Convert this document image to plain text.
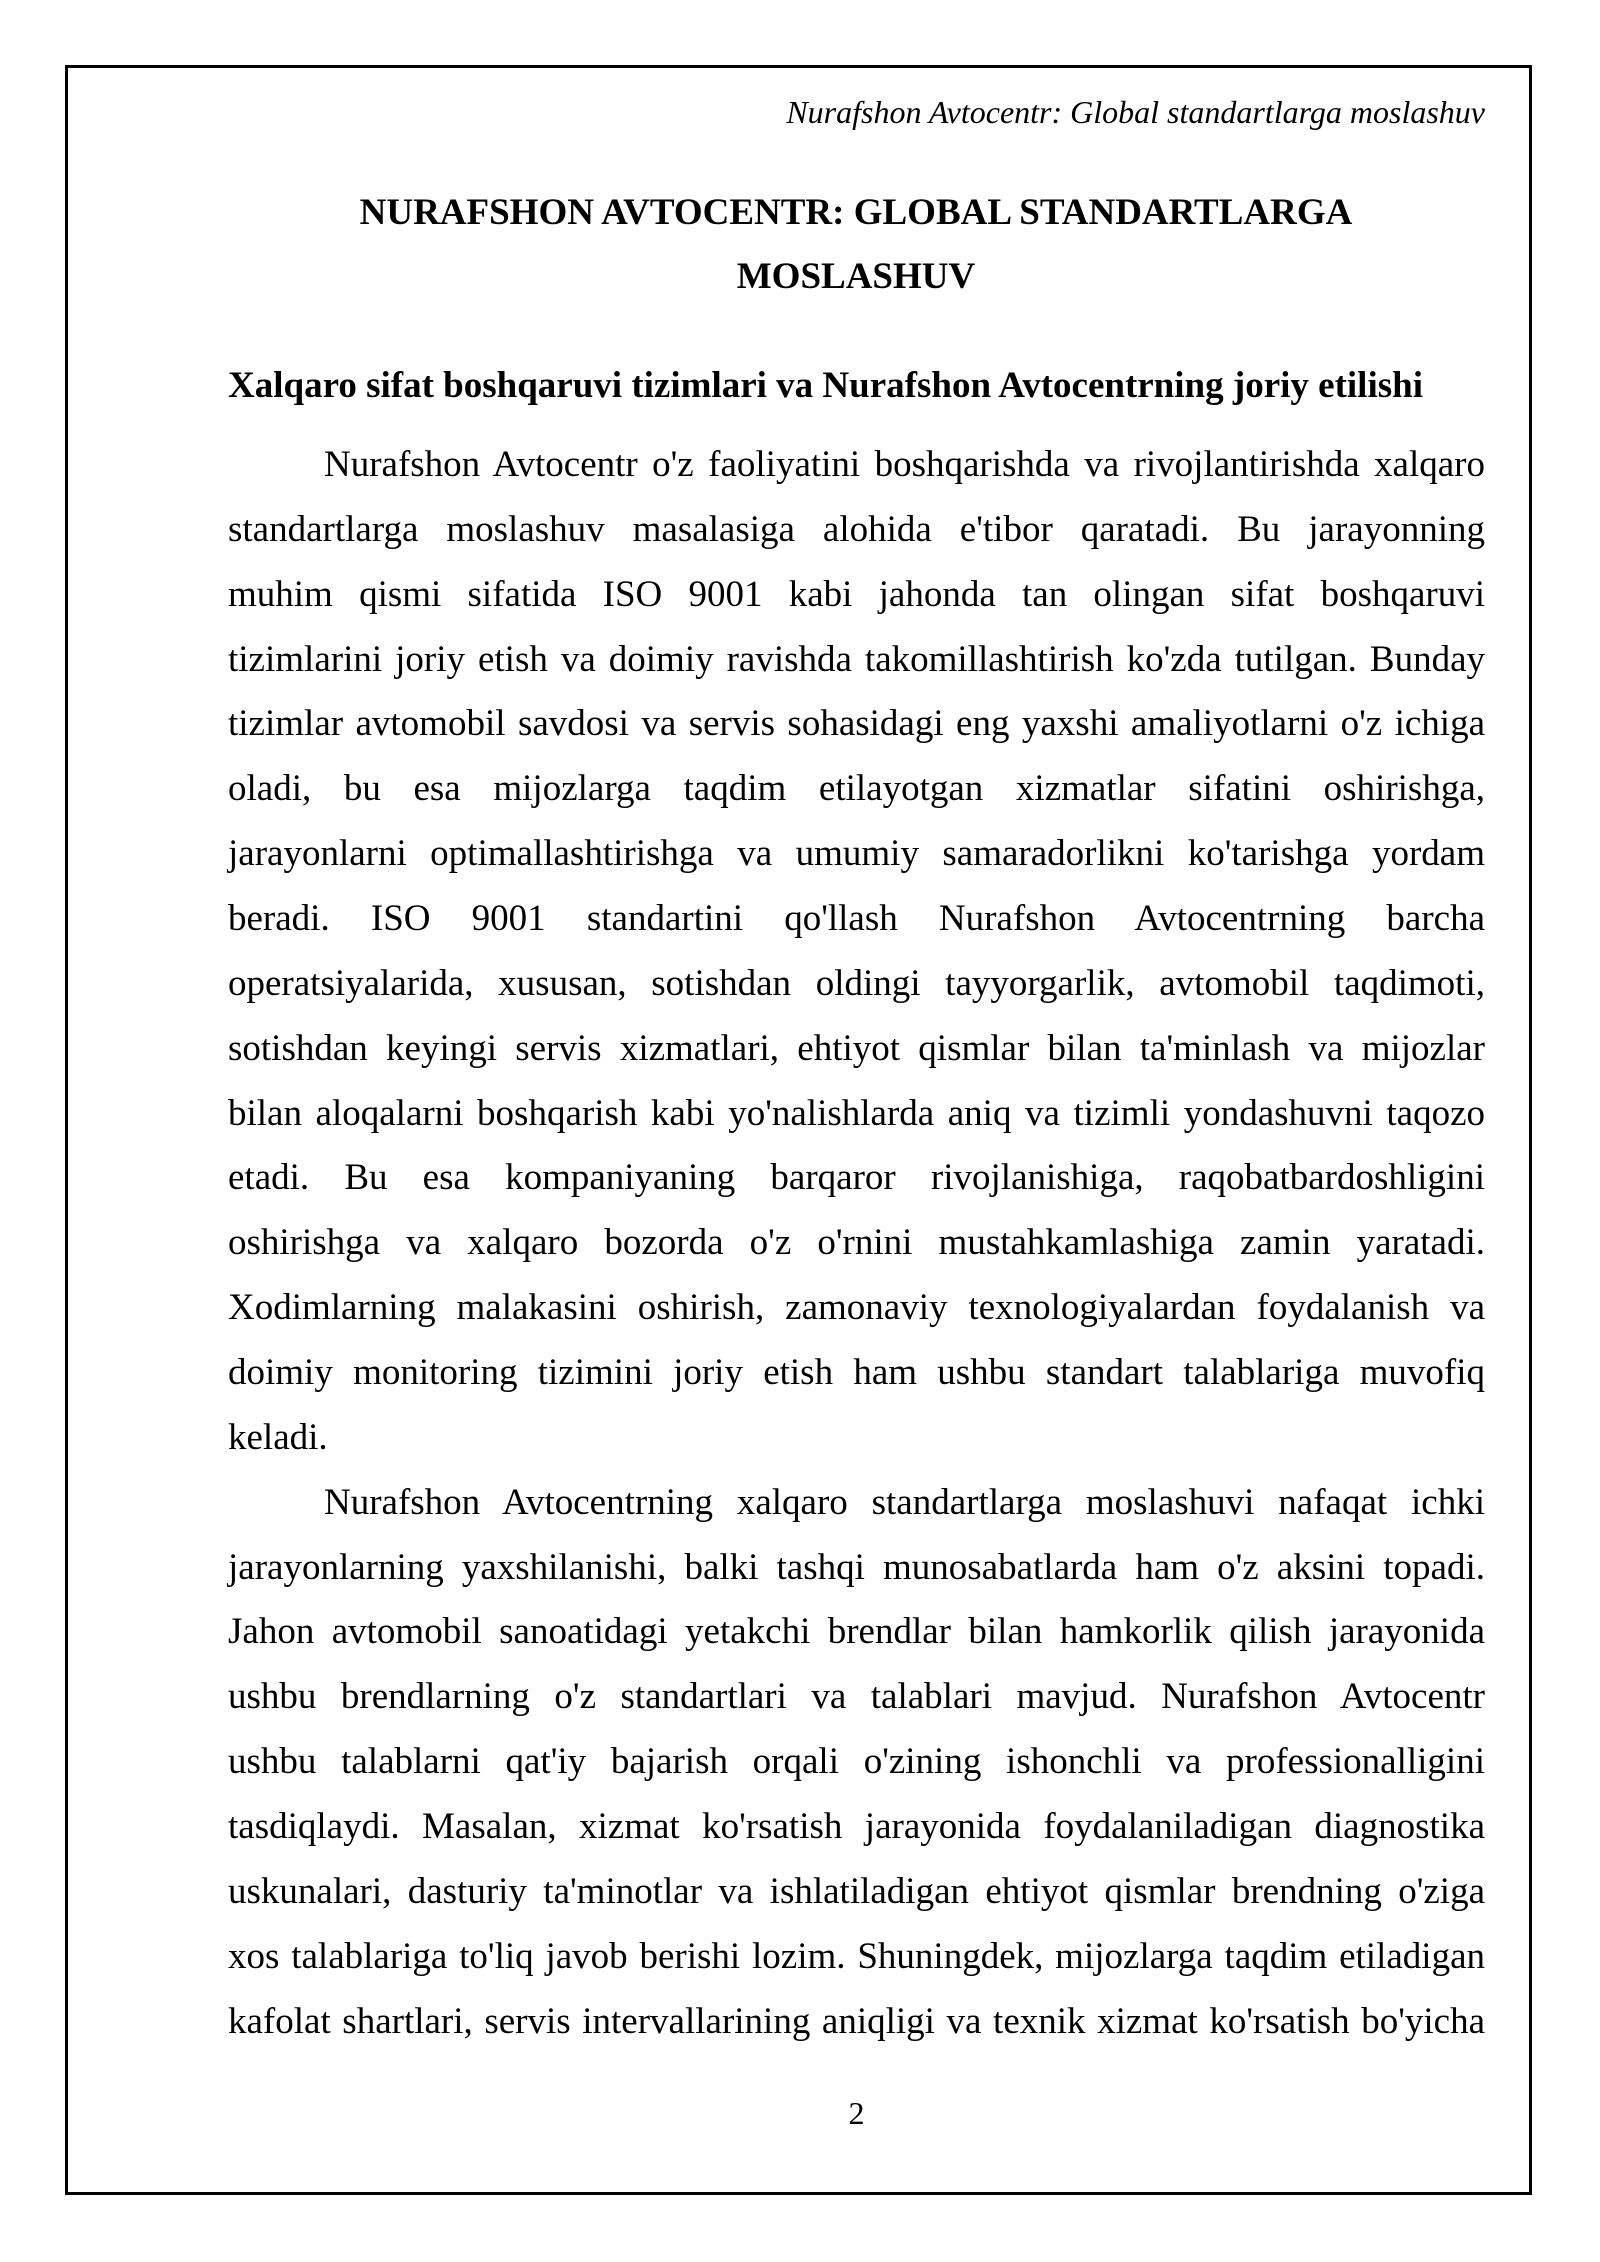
Nurafshon Avtocentr: Global standartlarga moslashuv
NURAFSHON AVTOCENTR: GLOBAL STANDARTLARGA MOSLASHUV
Xalqaro sifat boshqaruvi tizimlari va Nurafshon Avtocentrning joriy etilishi
Nurafshon Avtocentr o'z faoliyatini boshqarishda va rivojlantirishda xalqaro
standartlarga moslashuv masalasiga alohida e'tibor qaratadi. Bu jarayonning
muhim qismi sifatida ISO 9001 kabi jahonda tan olingan sifat boshqaruvi
tizimlarini joriy etish va doimiy ravishda takomillashtirish ko'zda tutilgan. Bunday
tizimlar avtomobil savdosi va servis sohasidagi eng yaxshi amaliyotlarni o'z ichiga
oladi, bu esa mijozlarga taqdim etilayotgan xizmatlar sifatini oshirishga,
jarayonlarni optimallashtirishga va umumiy samaradorlikni ko'tarishga yordam
beradi. ISO 9001 standartini qo'llash Nurafshon Avtocentrning barcha
operatsiyalarida, xususan, sotishdan oldingi tayyorgarlik, avtomobil taqdimoti,
sotishdan keyingi servis xizmatlari, ehtiyot qismlar bilan ta'minlash va mijozlar
bilan aloqalarni boshqarish kabi yo'nalishlarda aniq va tizimli yondashuvni taqozo
etadi. Bu esa kompaniyaning barqaror rivojlanishiga, raqobatbardoshligini
oshirishga va xalqaro bozorda o'z o'rnini mustahkamlashiga zamin yaratadi.
Xodimlarning malakasini oshirish, zamonaviy texnologiyalardan foydalanish va
doimiy monitoring tizimini joriy etish ham ushbu standart talablariga muvofiq
keladi.
Nurafshon Avtocentrning xalqaro standartlarga moslashuvi nafaqat ichki
jarayonlarning yaxshilanishi, balki tashqi munosabatlarda ham o'z aksini topadi.
Jahon avtomobil sanoatidagi yetakchi brendlar bilan hamkorlik qilish jarayonida
ushbu brendlarning o'z standartlari va talablari mavjud. Nurafshon Avtocentr
ushbu talablarni qat'iy bajarish orqali o'zining ishonchli va professionalligini
tasdiqlaydi. Masalan, xizmat ko'rsatish jarayonida foydalaniladigan diagnostika
uskunalari, dasturiy ta'minotlar va ishlatiladigan ehtiyot qismlar brendning o'ziga
xos talablariga to'liq javob berishi lozim. Shuningdek, mijozlarga taqdim etiladigan
kafolat shartlari, servis intervallarining aniqligi va texnik xizmat ko'rsatish bo'yicha
2
